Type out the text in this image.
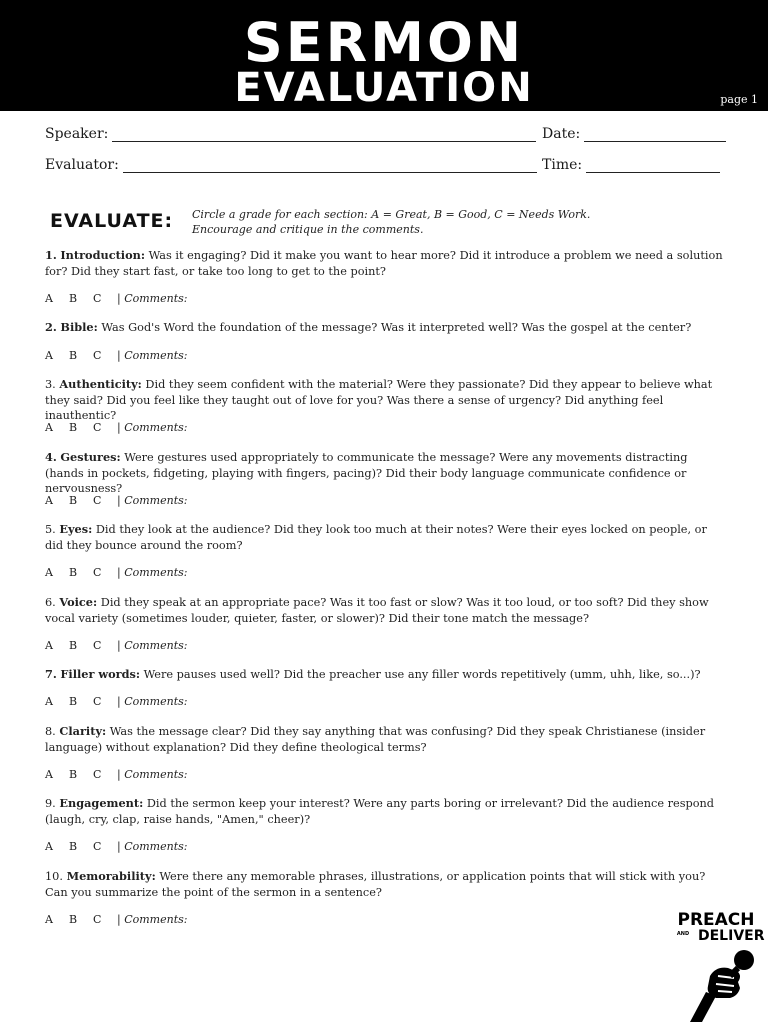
SERMON
EVALUATION	page 1
Speaker:	Date:
Evaluator:	Time:
EVALUATE: Circle a grade for each section: A = Great, B = Good, C = Needs Work.
Encourage and critique in the comments.
1. Introduction: Was it engaging? Did it make you want to hear more? Did it introduce a problem we need a solution for? Did they start fast, or take too long to get to the point?
A B C | Comments:
2. Bible: Was God's Word the foundation of the message? Was it interpreted well? Was the gospel at the center?
A B C | Comments:
3. Authenticity: Did they seem confident with the material? Were they passionate? Did they appear to believe what they said? Did you feel like they taught out of love for you? Was there a sense of urgency? Did anything feel inauthentic?
A B C | Comments:
4. Gestures: Were gestures used appropriately to communicate the message? Were any movements distracting (hands in pockets, fidgeting, playing with fingers, pacing)? Did their body language communicate confidence or nervousness?
A B C | Comments:
5. Eyes: Did they look at the audience? Did they look too much at their notes? Were their eyes locked on people, or did they bounce around the room?
A B C | Comments:
6. Voice: Did they speak at an appropriate pace? Was it too fast or slow? Was it too loud, or too soft? Did they show vocal variety (sometimes louder, quieter, faster, or slower)? Did their tone match the message?
A B C | Comments:
7. Filler words: Were pauses used well? Did the preacher use any filler words repetitively (umm, uhh, like, so...)?
A B C | Comments:
8. Clarity: Was the message clear? Did they say anything that was confusing? Did they speak Christianese (insider language) without explanation? Did they define theological terms?
A B C | Comments:
9. Engagement: Did the sermon keep your interest? Were any parts boring or irrelevant? Did the audience respond (laugh, cry, clap, raise hands, "Amen," cheer)?
A B C | Comments:
10. Memorability: Were there any memorable phrases, illustrations, or application points that will stick with you? Can you summarize the point of the sermon in a sentence?
A B C | Comments:	PREACH
AND DELIVER
